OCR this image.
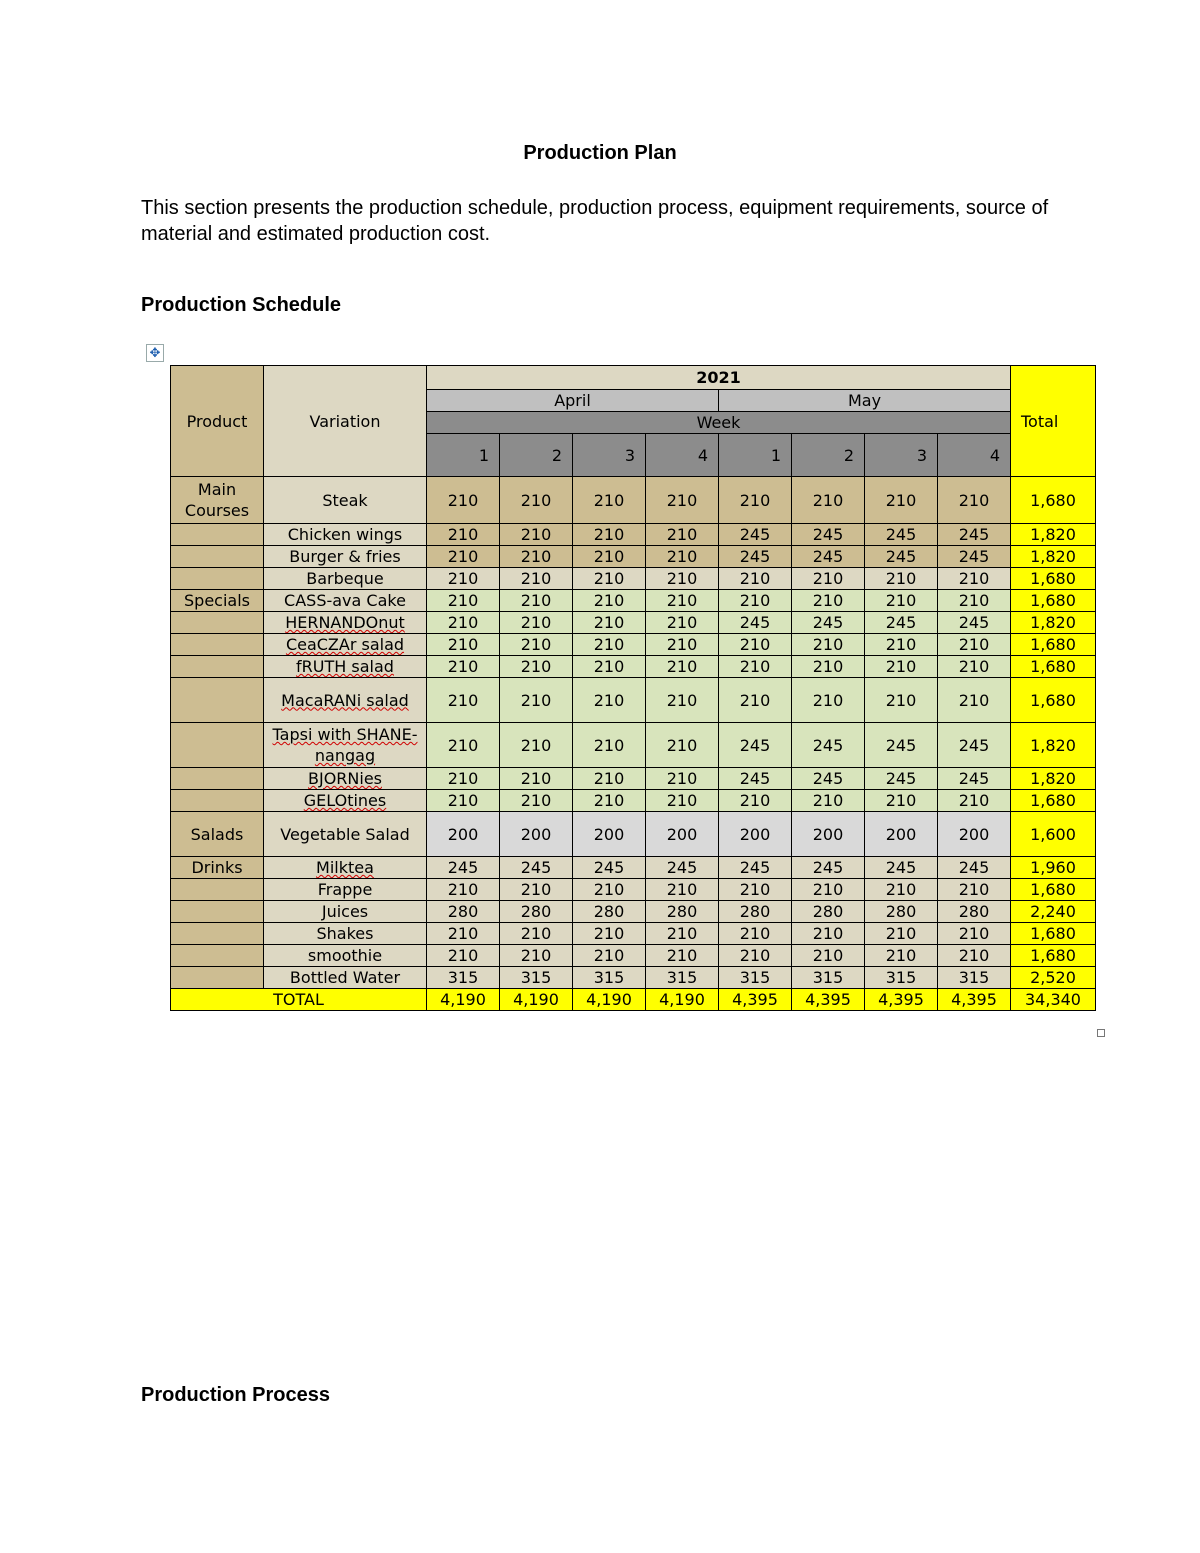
Production Plan
This section presents the production schedule, production process, equipment requirements, source of material and estimated production cost.
Production Schedule
✥
Product	Variation	2021								Total
		April				May				
		Week								
		1	2	3	4	1	2	3	4	
Main Courses	Steak	210	210	210	210	210	210	210	210	1,680
	Chicken wings	210	210	210	210	245	245	245	245	1,820
	Burger & fries	210	210	210	210	245	245	245	245	1,820
	Barbeque	210	210	210	210	210	210	210	210	1,680
Specials	CASS-ava Cake	210	210	210	210	210	210	210	210	1,680
	HERNANDOnut	210	210	210	210	245	245	245	245	1,820
	CeaCZAr salad	210	210	210	210	210	210	210	210	1,680
	fRUTH salad	210	210	210	210	210	210	210	210	1,680
	MacaRANi salad	210	210	210	210	210	210	210	210	1,680
	Tapsi with SHANE-nangag	210	210	210	210	245	245	245	245	1,820
	BJORNies	210	210	210	210	245	245	245	245	1,820
	GELOtines	210	210	210	210	210	210	210	210	1,680
Salads	Vegetable Salad	200	200	200	200	200	200	200	200	1,600
Drinks	Milktea	245	245	245	245	245	245	245	245	1,960
	Frappe	210	210	210	210	210	210	210	210	1,680
	Juices	280	280	280	280	280	280	280	280	2,240
	Shakes	210	210	210	210	210	210	210	210	1,680
	smoothie	210	210	210	210	210	210	210	210	1,680
	Bottled Water	315	315	315	315	315	315	315	315	2,520
TOTAL		4,190	4,190	4,190	4,190	4,395	4,395	4,395	4,395	34,340
Production Process
